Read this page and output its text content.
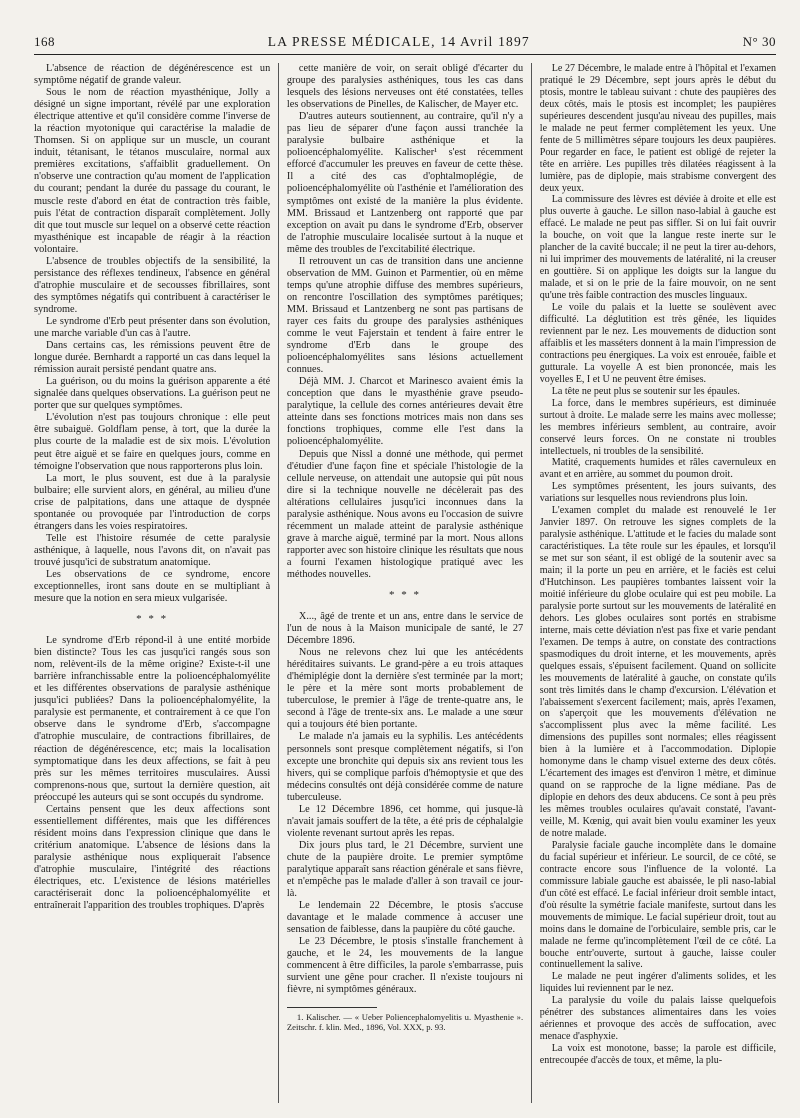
168	LA PRESSE MÉDICALE, 14 Avril 1897	N° 30

L'absence de réaction de dégénérescence est un symptôme négatif de grande valeur.

Sous le nom de réaction myasthénique, Jolly a désigné un signe important, révélé par une exploration électrique attentive et qu'il considère comme l'inverse de la réaction myotonique qui caractérise la maladie de Thomsen. Si on applique sur un muscle, un courant induit, tétanisant, le tétanos musculaire, normal aux premières excitations, s'affaiblit graduellement. On n'observe une contraction qu'au moment de l'application du courant; pendant la durée du passage du courant, le muscle reste d'abord en état de contraction très faible, puis l'état de contraction disparaît complètement. Jolly dit que tout muscle sur lequel on a observé cette réaction myasthénique est incapable de réagir à la réaction volontaire.

L'absence de troubles objectifs de la sensibilité, la persistance des réflexes tendineux, l'absence en général d'atrophie musculaire et de secousses fibrillaires, sont des symptômes négatifs qui contribuent à caractériser le syndrome.

Le syndrome d'Erb peut présenter dans son évolution, une marche variable d'un cas à l'autre.

Dans certains cas, les rémissions peuvent être de longue durée. Bernhardt a rapporté un cas dans lequel la rémission aurait persisté pendant quatre ans.

La guérison, ou du moins la guérison apparente a été signalée dans quelques observations. La guérison peut ne porter que sur quelques symptômes.

L'évolution n'est pas toujours chronique : elle peut être subaiguë. Goldflam pense, à tort, que la durée la plus courte de la maladie est de six mois. L'évolution peut être aiguë et se faire en quelques jours, comme en témoigne l'observation que nous rapporterons plus loin.

La mort, le plus souvent, est due à la paralysie bulbaire; elle survient alors, en général, au milieu d'une crise de palpitations, dans une attaque de dyspnée spontanée ou provoquée par l'introduction de corps étrangers dans les voies respiratoires.

Telle est l'histoire résumée de cette paralysie asthénique, à laquelle, nous l'avons dit, on n'avait pas trouvé jusqu'ici de substratum anatomique.

Les observations de ce syndrome, encore exceptionnelles, iront sans doute en se multipliant à mesure que la notion en sera mieux vulgarisée.

* * *

Le syndrome d'Erb répond-il à une entité morbide bien distincte? Tous les cas jusqu'ici rangés sous son nom, relèvent-ils de la même origine? Existe-t-il une barrière infranchissable entre la polioencéphalomyélite et les différentes observations de paralysie asthénique jusqu'ici publiées? Dans la polioencéphalomyélite, la paralysie est permanente, et contrairement à ce que l'on observe dans le syndrome d'Erb, s'accompagne d'atrophie musculaire, de contractions fibrillaires, de réaction de dégénérescence, etc; mais la localisation symptomatique dans les deux affections, se fait à peu près sur les mêmes territoires musculaires. Aussi comprenons-nous que, surtout la dernière question, ait préoccupé les auteurs qui se sont occupés du syndrome.

Certains pensent que les deux affections sont essentiellement différentes, mais que les différences résident moins dans l'expression clinique que dans le critérium anatomique. L'absence de lésions dans la paralysie asthénique nous expliquerait l'absence d'atrophie musculaire, l'intégrité des réactions électriques, etc. L'existence de lésions matérielles caractériserait donc la polioencéphalomyélite et entraînerait l'apparition des troubles trophiques. D'après

cette manière de voir, on serait obligé d'écarter du groupe des paralysies asthéniques, tous les cas dans lesquels des lésions nerveuses ont été constatées, telles les observations de Pinelles, de Kalischer, de Mayer etc.

D'autres auteurs soutiennent, au contraire, qu'il n'y a pas lieu de séparer d'une façon aussi tranchée la paralysie bulbaire asthénique et la polioencéphalomyélite. Kalischer¹ s'est récemment efforcé d'accumuler les preuves en faveur de cette thèse. Il a cité des cas d'ophtalmoplégie, de polioencéphalomyélite où l'asthénie et l'amélioration des symptômes ont existé de la manière la plus évidente. MM. Brissaud et Lantzenberg ont rapporté que par exception on avait pu dans le syndrome d'Erb, observer de l'atrophie musculaire localisée surtout à la nuque et même des troubles de l'excitabilité électrique.

Il retrouvent un cas de transition dans une ancienne observation de MM. Guinon et Parmentier, où en même temps qu'une atrophie diffuse des membres supérieurs, on rencontre l'oscillation des symptômes parétiques; MM. Brissaud et Lantzenberg ne sont pas partisans de rayer ces faits du groupe des paralysies asthéniques comme le veut Fajerstain et tendent à faire entrer le syndrome d'Erb dans le groupe des polioencéphalomyélites sans lésions actuellement connues.

Déjà MM. J. Charcot et Marinesco avaient émis la conception que dans le myasthénie grave pseudo-paralytique, la cellule des cornes antérieures devait être atteinte dans ses fonctions motrices mais non dans ses fonctions trophiques, comme elle l'est dans la polioencéphalomyélite.

Depuis que Nissl a donné une méthode, qui permet d'étudier d'une façon fine et spéciale l'histologie de la cellule nerveuse, on attendait une autopsie qui pût nous dire si la technique nouvelle ne décèlerait pas des altérations cellulaires jusqu'ici inconnues dans la paralysie asthénique. Nous avons eu l'occasion de suivre récemment un malade atteint de paralysie asthénique grave à marche aiguë, terminé par la mort. Nous allons rapporter avec son histoire clinique les résultats que nous a fourni l'examen histologique pratiqué avec les méthodes nouvelles.

* * *

X..., âgé de trente et un ans, entre dans le service de l'un de nous à la Maison municipale de santé, le 27 Décembre 1896.

Nous ne relevons chez lui que les antécédents héréditaires suivants. Le grand-père a eu trois attaques d'hémiplégie dont la dernière s'est terminée par la mort; le père et la mère sont morts probablement de tuberculose, le premier à l'âge de trente-quatre ans, le second à l'âge de trente-six ans. Le malade a une sœur qui a toujours été bien portante.

Le malade n'a jamais eu la syphilis. Les antécédents personnels sont presque complètement négatifs, si l'on excepte une bronchite qui depuis six ans revient tous les hivers, qui se complique parfois d'hémoptysie et que des médecins consultés ont déjà considérée comme de nature tuberculeuse.

Le 12 Décembre 1896, cet homme, qui jusque-là n'avait jamais souffert de la tête, a été pris de céphalalgie violente revenant surtout après les repas.

Dix jours plus tard, le 21 Décembre, survient une chute de la paupière droite. Le premier symptôme paralytique apparaît sans réaction générale et sans fièvre, et n'empêche pas le malade d'aller à son travail ce jour-là.

Le lendemain 22 Décembre, le ptosis s'accuse davantage et le malade commence à accuser une sensation de faiblesse, dans la paupière du côté gauche.

Le 23 Décembre, le ptosis s'installe franchement à gauche, et le 24, les mouvements de la langue commencent à être difficiles, la parole s'embarrasse, puis survient une gêne pour cracher. Il n'existe toujours ni fièvre, ni symptômes généraux.

1. Kalischer. — « Ueber Poliencephalomyelitis u. Myasthenie ». Zeitschr. f. klin. Med., 1896, Vol. XXX, p. 93.

Le 27 Décembre, le malade entre à l'hôpital et l'examen pratiqué le 29 Décembre, sept jours après le début du ptosis, montre le tableau suivant : chute des paupières des deux côtés, mais le ptosis est incomplet; les paupières supérieures descendent jusqu'au niveau des pupilles, mais le malade ne peut fermer complètement les yeux. Une fente de 5 millimètres sépare toujours les deux paupières. Pour regarder en face, le patient est obligé de rejeter la tête en arrière. Les pupilles très dilatées réagissent à la lumière, pas de diplopie, mais strabisme convergent des deux yeux.

La commissure des lèvres est déviée à droite et elle est plus ouverte à gauche. Le sillon naso-labial à gauche est effacé. Le malade ne peut pas siffler. Si on lui fait ouvrir la bouche, on voit que la langue reste inerte sur le plancher de la cavité buccale; il ne peut la tirer au-dehors, ni lui imprimer des mouvements de latéralité, ni la creuser en gouttière. Si on applique les doigts sur la langue du malade, et si on le prie de la faire mouvoir, on ne sent qu'une très faible contraction des muscles linguaux.

Le voile du palais et la luette se soulèvent avec difficulté. La déglutition est très gênée, les liquides reviennent par le nez. Les mouvements de diduction sont affaiblis et les masséters donnent à la main l'impression de contractions peu énergiques. La voix est enrouée, faible et gutturale. La voyelle A est bien prononcée, mais les voyelles E, I et U ne peuvent être émises.

La tête ne peut plus se soutenir sur les épaules.

La force, dans le membres supérieurs, est diminuée surtout à droite. Le malade serre les mains avec mollesse; les membres inférieurs semblent, au contraire, avoir conservé leurs forces. On ne constate ni troubles intellectuels, ni troubles de la sensibilité.

Matité, craquements humides et râles cavernuleux en avant et en arrière, au sommet du poumon droit.

Les symptômes présentent, les jours suivants, des variations sur lesquelles nous reviendrons plus loin.

L'examen complet du malade est renouvelé le 1er Janvier 1897. On retrouve les signes complets de la paralysie asthénique. L'attitude et le facies du malade sont caractéristiques. La tête roule sur les épaules, et lorsqu'il se met sur son séant, il est obligé de la soutenir avec sa main; il la porte un peu en arrière, et le faciès est celui d'Hutchinson. Les paupières tombantes laissent voir la moitié inférieure du globe oculaire qui est peu mobile. La paralysie porte surtout sur les mouvements de latéralité en dehors. Les globes oculaires sont portés en strabisme interne, mais cette déviation n'est pas fixe et varie pendant l'examen. De temps à autre, on constate des contractions spasmodiques du droit interne, et les mouvements, après quelques essais, s'épuisent facilement. Quand on sollicite les mouvements de latéralité à gauche, on constate qu'ils sont très limités dans le champ d'excursion. L'élévation et l'abaissement s'exercent facilement; mais, après l'examen, on s'aperçoit que les mouvements d'élévation ne s'accomplissent plus avec la même facilité. Les dimensions des pupilles sont normales; elles réagissent bien à la lumière et à l'accommodation. Diplopie homonyme dans le champ visuel externe des deux côtés. L'écartement des images est d'environ 1 mètre, et diminue quand on se rapproche de la ligne médiane. Pas de diplopie en dehors des deux abducens. Ce sont à peu près les mêmes troubles oculaires qu'avait constaté, l'avant-veille, M. Kœnig, qui avait bien voulu examiner les yeux de notre malade.

Paralysie faciale gauche incomplète dans le domaine du facial supérieur et inférieur. Le sourcil, de ce côté, se contracte encore sous l'influence de la volonté. La commissure labiale gauche est abaissée, le pli naso-labial d'un côté est effacé. Le facial inférieur droit semble intact, d'où résulte la symétrie faciale manifeste, surtout dans les mouvements de mimique. Le facial supérieur droit, tout au moins dans le domaine de l'orbiculaire, semble pris, car le malade ne ferme qu'incomplètement l'œil de ce côté. La bouche entr'ouverte, surtout à gauche, laisse couler continuellement la salive.

Le malade ne peut ingérer d'aliments solides, et les liquides lui reviennent par le nez.

La paralysie du voile du palais laisse quelquefois pénétrer des substances alimentaires dans les voies aériennes et provoque des accès de suffocation, avec menace d'asphyxie.

La voix est monotone, basse; la parole est difficile, entrecoupée d'accès de toux, et même, la plu-
